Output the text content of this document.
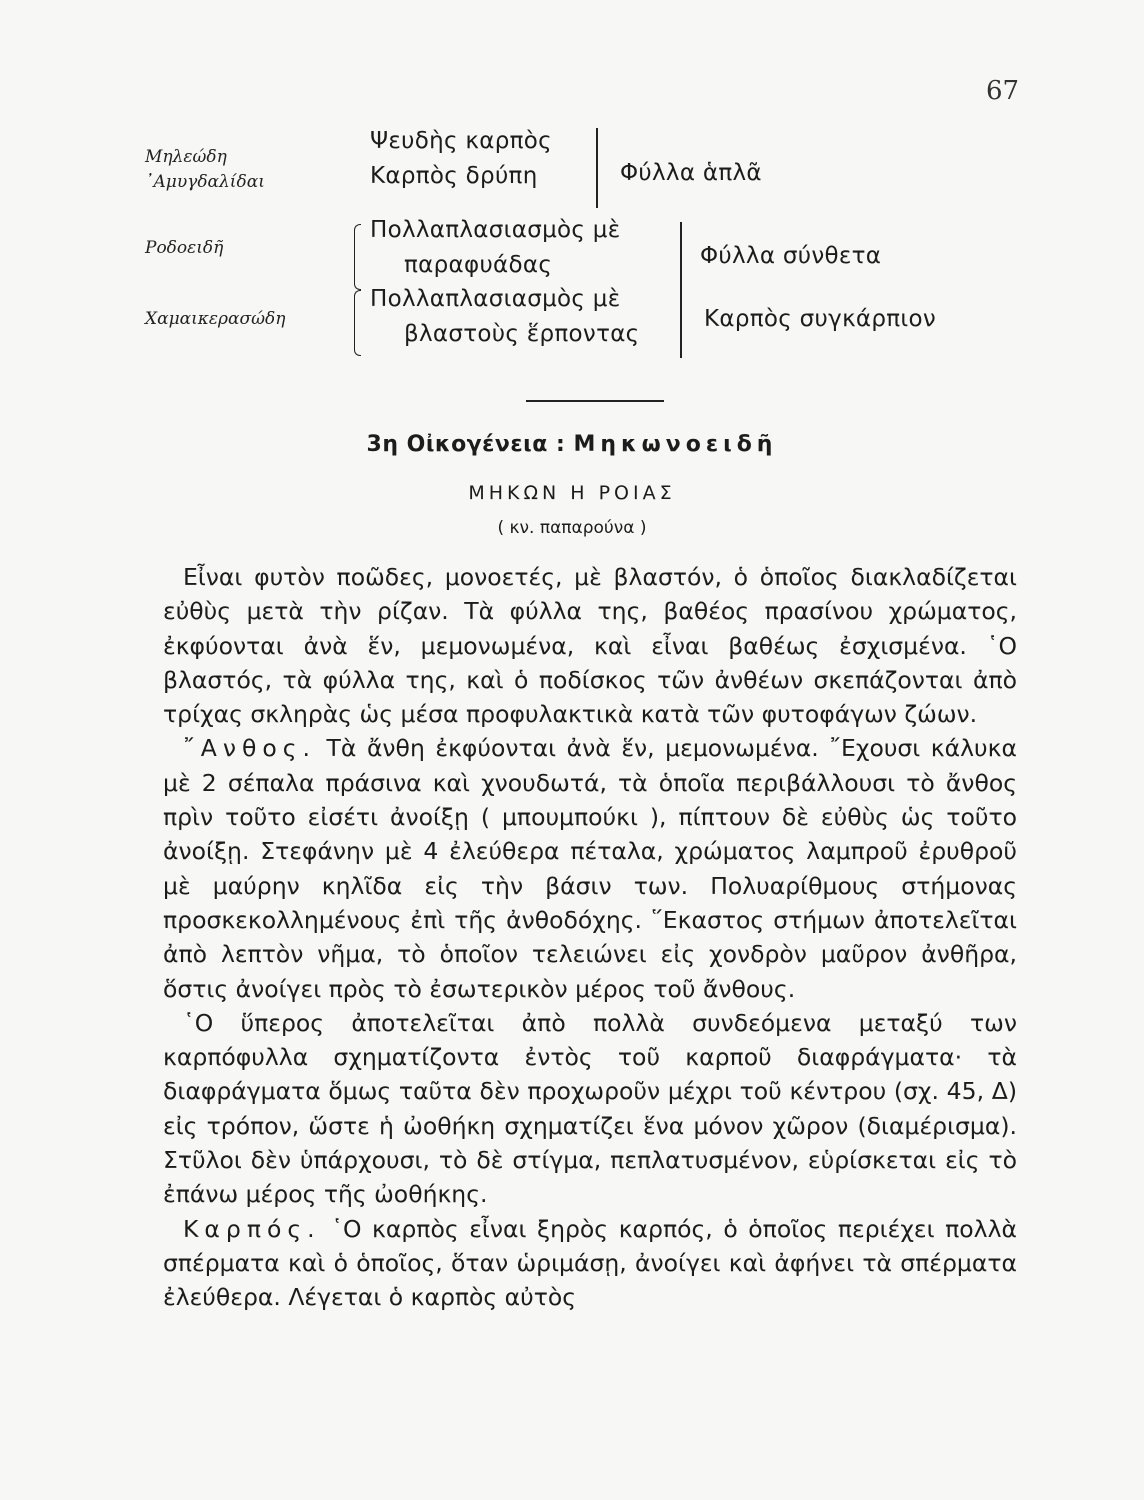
67
Μηλεώδη
᾿Αμυγδαλίδαι
Ροδοειδῆ
Χαμαικερασώδη
Ψευδὴς καρπὸς
Καρπὸς δρύπη
Πολλαπλασιασμὸς μὲ
παραφυάδας
Πολλαπλασιασμὸς μὲ
βλαστοὺς ἕρποντας
Φύλλα ἁπλᾶ
Φύλλα σύνθετα
Καρπὸς συγκάρπιον
3η Οἰκογένεια : Μηκωνοειδῆ
ΜΗΚΩΝ Η ΡΟΙΑΣ
( κν. παπαρούνα )

Εἶναι φυτὸν ποῶδες, μονοετές, μὲ βλαστόν, ὁ ὁποῖος διακλαδίζεται εὐθὺς μετὰ τὴν ρίζαν. Τὰ φύλλα της, βαθέος πρασίνου χρώματος, ἐκφύονται ἀνὰ ἕν, μεμονωμένα, καὶ εἶναι βαθέως ἐσχισμένα. ῾Ο βλαστός, τὰ φύλλα της, καὶ ὁ ποδίσκος τῶν ἀνθέων σκεπάζονται ἀπὸ τρίχας σκληρὰς ὡς μέσα προφυλακτικὰ κατὰ τῶν φυτοφάγων ζώων.

῎Ανθος. Τὰ ἄνθη ἐκφύονται ἀνὰ ἕν, μεμονωμένα. ῎Εχουσι κάλυκα μὲ 2 σέπαλα πράσινα καὶ χνουδωτά, τὰ ὁποῖα περιβάλλουσι τὸ ἄνθος πρὶν τοῦτο εἰσέτι ἀνοίξῃ ( μπουμπούκι ), πίπτουν δὲ εὐθὺς ὡς τοῦτο ἀνοίξῃ. Στεφάνην μὲ 4 ἐλεύθερα πέταλα, χρώματος λαμπροῦ ἐρυθροῦ μὲ μαύρην κηλῖδα εἰς τὴν βάσιν των. Πολυαρίθμους στήμονας προσκεκολλημένους ἐπὶ τῆς ἀνθοδόχης. ῞Εκαστος στήμων ἀποτελεῖται ἀπὸ λεπτὸν νῆμα, τὸ ὁποῖον τελειώνει εἰς χονδρὸν μαῦρον ἀνθῆρα, ὅστις ἀνοίγει πρὸς τὸ ἐσωτερικὸν μέρος τοῦ ἄνθους.

῾Ο ὕπερος ἀποτελεῖται ἀπὸ πολλὰ συνδεόμενα μεταξύ των καρπόφυλλα σχηματίζοντα ἐντὸς τοῦ καρποῦ διαφράγματα· τὰ διαφράγματα ὅμως ταῦτα δὲν προχωροῦν μέχρι τοῦ κέντρου (σχ. 45, Δ) εἰς τρόπον, ὥστε ἡ ὠοθήκη σχηματίζει ἕνα μόνον χῶρον (διαμέρισμα). Στῦλοι δὲν ὑπάρχουσι, τὸ δὲ στίγμα, πεπλατυσμένον, εὑρίσκεται εἰς τὸ ἐπάνω μέρος τῆς ὠοθήκης.

Καρπός. ῾Ο καρπὸς εἶναι ξηρὸς καρπός, ὁ ὁποῖος περιέχει πολλὰ σπέρματα καὶ ὁ ὁποῖος, ὅταν ὡριμάσῃ, ἀνοίγει καὶ ἀφήνει τὰ σπέρματα ἐλεύθερα. Λέγεται ὁ καρπὸς αὐτὸς
